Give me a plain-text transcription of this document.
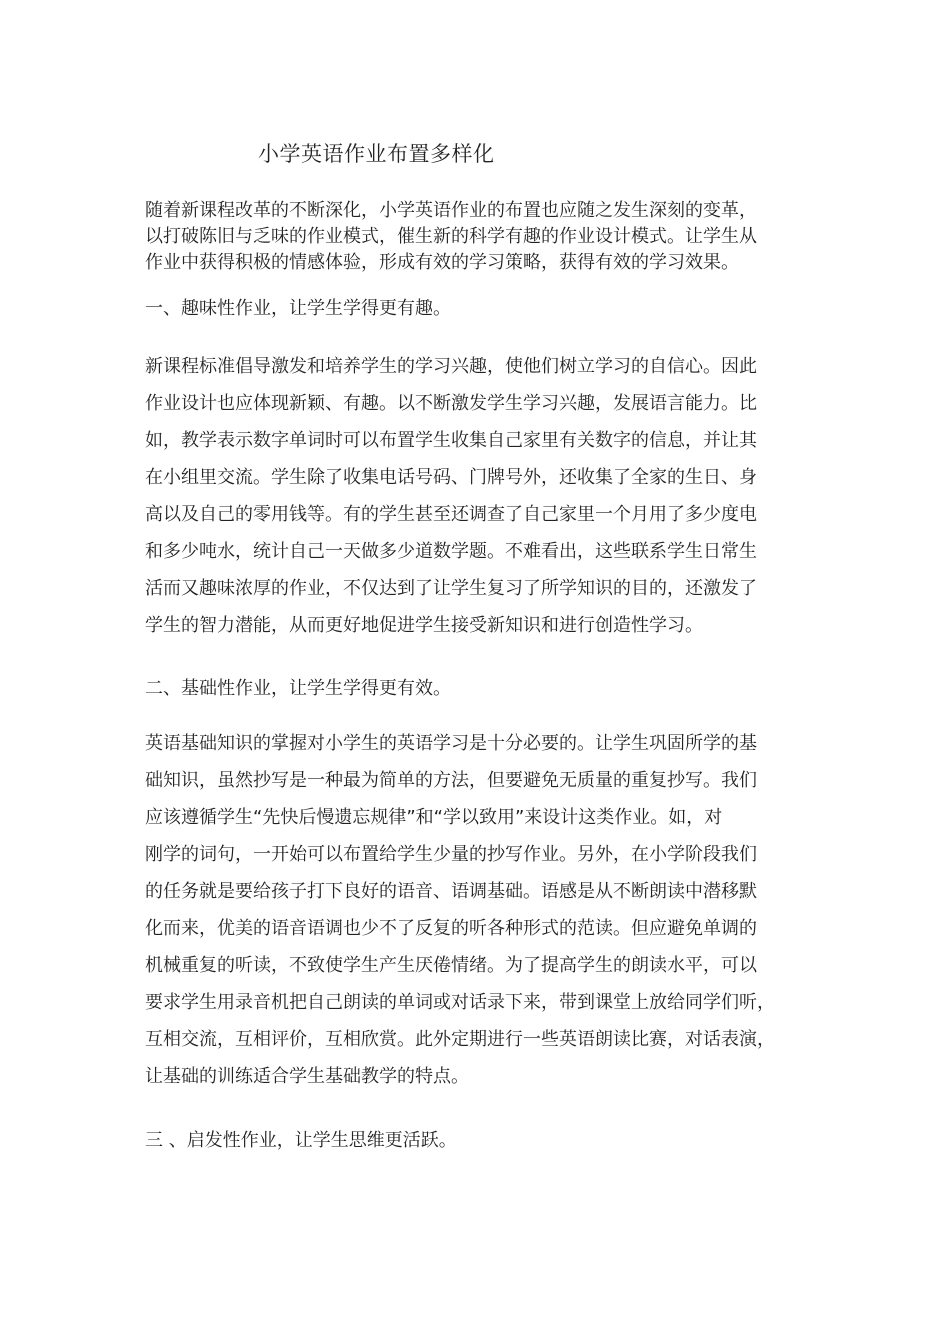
小学英语作业布置多样化

随着新课程改革的不断深化，小学英语作业的布置也应随之发生深刻的变革，
以打破陈旧与乏味的作业模式，催生新的科学有趣的作业设计模式。让学生从
作业中获得积极的情感体验，形成有效的学习策略，获得有效的学习效果。

一、趣味性作业，让学生学得更有趣。

新课程标准倡导激发和培养学生的学习兴趣，使他们树立学习的自信心。因此
作业设计也应体现新颖、有趣。以不断激发学生学习兴趣，发展语言能力。比
如，教学表示数字单词时可以布置学生收集自己家里有关数字的信息，并让其
在小组里交流。学生除了收集电话号码、门牌号外，还收集了全家的生日、身
高以及自己的零用钱等。有的学生甚至还调查了自己家里一个月用了多少度电
和多少吨水，统计自己一天做多少道数学题。不难看出，这些联系学生日常生
活而又趣味浓厚的作业，不仅达到了让学生复习了所学知识的目的，还激发了
学生的智力潜能，从而更好地促进学生接受新知识和进行创造性学习。

二、基础性作业，让学生学得更有效。

英语基础知识的掌握对小学生的英语学习是十分必要的。让学生巩固所学的基
础知识，虽然抄写是一种最为简单的方法，但要避免无质量的重复抄写。我们
应该遵循学生“先快后慢遗忘规律”和“学以致用”来设计这类作业。如，对
刚学的词句，一开始可以布置给学生少量的抄写作业。另外，在小学阶段我们
的任务就是要给孩子打下良好的语音、语调基础。语感是从不断朗读中潜移默
化而来，优美的语音语调也少不了反复的听各种形式的范读。但应避免单调的
机械重复的听读，不致使学生产生厌倦情绪。为了提高学生的朗读水平，可以
要求学生用录音机把自己朗读的单词或对话录下来，带到课堂上放给同学们听，
互相交流，互相评价，互相欣赏。此外定期进行一些英语朗读比赛，对话表演，
让基础的训练适合学生基础教学的特点。

三 、启发性作业，让学生思维更活跃。
